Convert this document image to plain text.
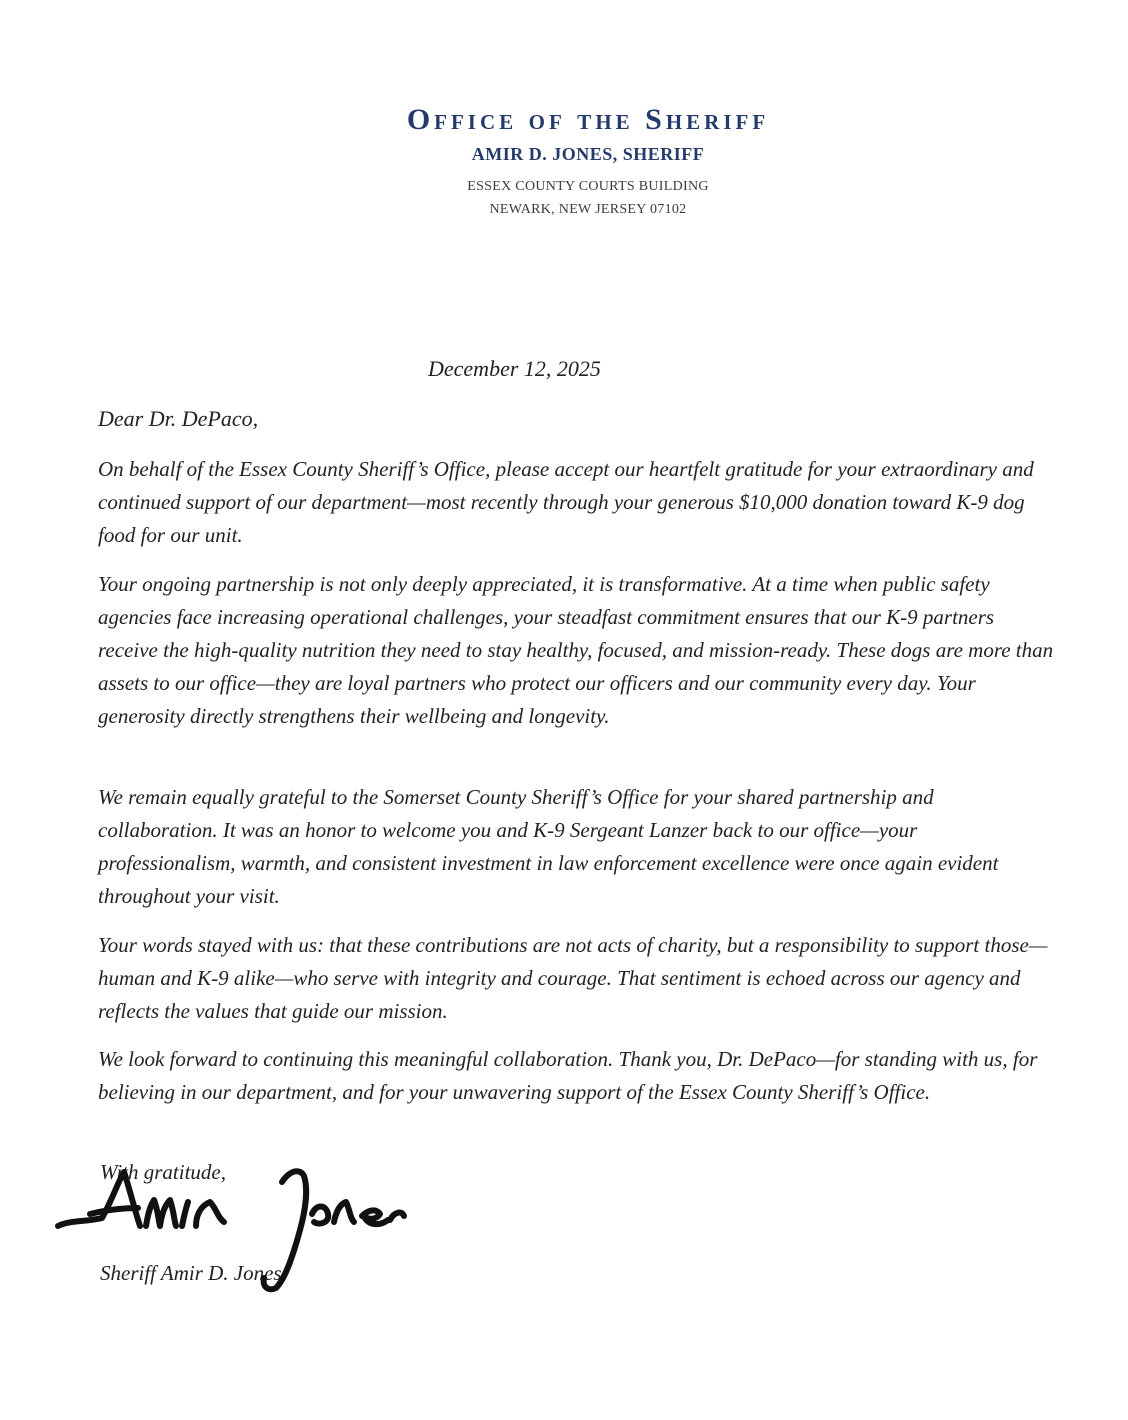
Office of the Sheriff
AMIR D. JONES, SHERIFF
ESSEX COUNTY COURTS BUILDING
NEWARK, NEW JERSEY 07102
December 12, 2025
Dear Dr. DePaco,

On behalf of the Essex County Sheriff’s Office, please accept our heartfelt gratitude for your extraordinary and continued support of our department—most recently through your generous $10,000 donation toward K-9 dog food for our unit.

Your ongoing partnership is not only deeply appreciated, it is transformative. At a time when public safety agencies face increasing operational challenges, your steadfast commitment ensures that our K-9 partners receive the high-quality nutrition they need to stay healthy, focused, and mission-ready. These dogs are more than assets to our office—they are loyal partners who protect our officers and our community every day. Your generosity directly strengthens their wellbeing and longevity.

We remain equally grateful to the Somerset County Sheriff’s Office for your shared partnership and collaboration. It was an honor to welcome you and K-9 Sergeant Lanzer back to our office—your professionalism, warmth, and consistent investment in law enforcement excellence were once again evident throughout your visit.

Your words stayed with us: that these contributions are not acts of charity, but a responsibility to support those—human and K-9 alike—who serve with integrity and courage. That sentiment is echoed across our agency and reflects the values that guide our mission.

We look forward to continuing this meaningful collaboration. Thank you, Dr. DePaco—for standing with us, for believing in our department, and for your unwavering support of the Essex County Sheriff’s Office.

With gratitude,
Sheriff Amir D. Jones
